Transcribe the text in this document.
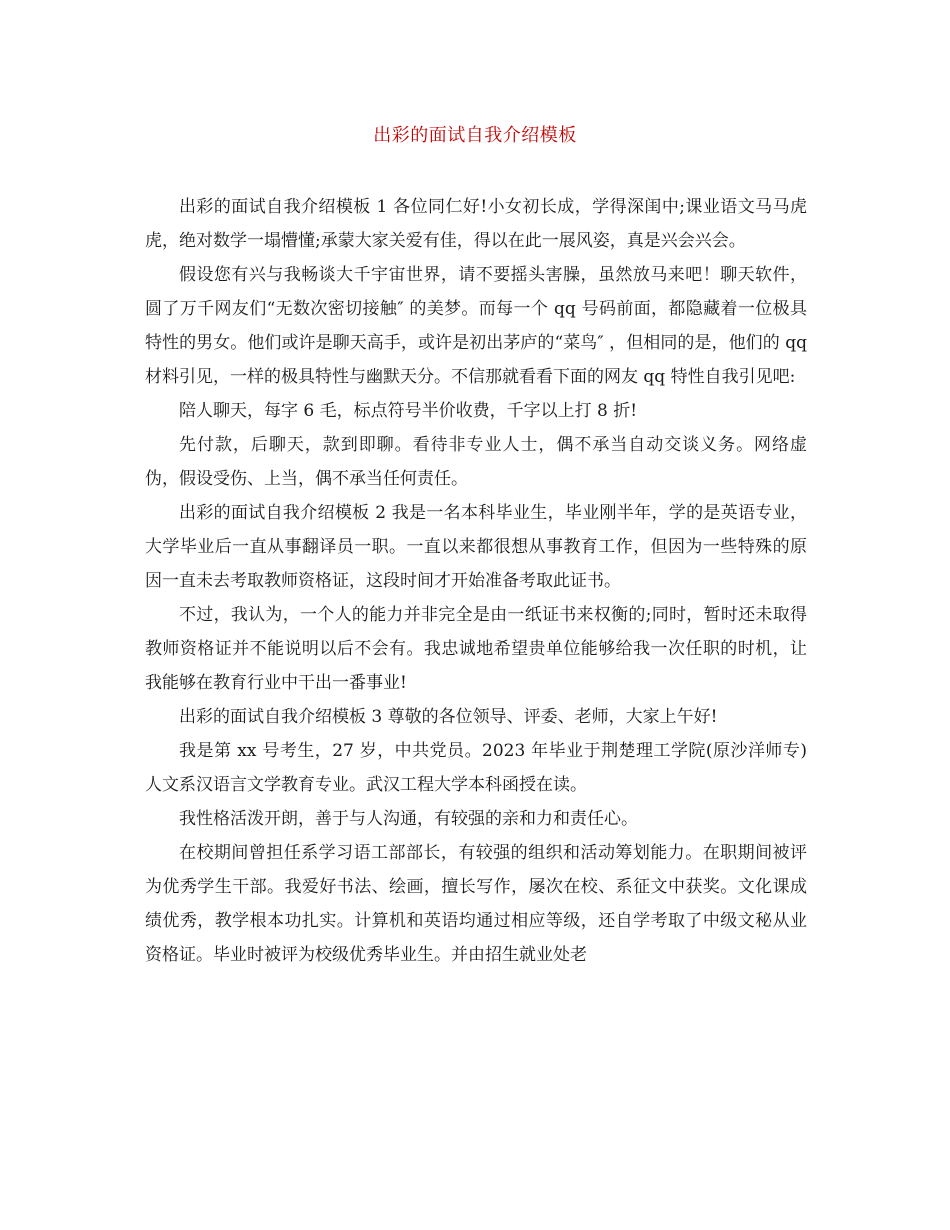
出彩的面试自我介绍模板

出彩的面试自我介绍模板 1 各位同仁好!小女初长成，学得深闺中;课业语文马马虎虎，绝对数学一塌懵懂;承蒙大家关爱有佳，得以在此一展风姿，真是兴会兴会。

假设您有兴与我畅谈大千宇宙世界，请不要摇头害臊，虽然放马来吧！聊天软件，圆了万千网友们“无数次密切接触″ 的美梦。而每一个 qq 号码前面，都隐藏着一位极具特性的男女。他们或许是聊天高手，或许是初出茅庐的“菜鸟″ ，但相同的是，他们的 qq 材料引见，一样的极具特性与幽默天分。不信那就看看下面的网友 qq 特性自我引见吧:

陪人聊天，每字 6 毛，标点符号半价收费，千字以上打 8 折!

先付款，后聊天，款到即聊。看待非专业人士，偶不承当自动交谈义务。网络虚伪，假设受伤、上当，偶不承当任何责任。

出彩的面试自我介绍模板 2 我是一名本科毕业生，毕业刚半年，学的是英语专业，大学毕业后一直从事翻译员一职。一直以来都很想从事教育工作，但因为一些特殊的原因一直未去考取教师资格证，这段时间才开始准备考取此证书。

不过，我认为，一个人的能力并非完全是由一纸证书来权衡的;同时，暂时还未取得教师资格证并不能说明以后不会有。我忠诚地希望贵单位能够给我一次任职的时机，让我能够在教育行业中干出一番事业!

出彩的面试自我介绍模板 3 尊敬的各位领导、评委、老师，大家上午好!

我是第 xx 号考生，27 岁，中共党员。2023 年毕业于荆楚理工学院(原沙洋师专)人文系汉语言文学教育专业。武汉工程大学本科函授在读。

我性格活泼开朗，善于与人沟通，有较强的亲和力和责任心。

在校期间曾担任系学习语工部部长，有较强的组织和活动筹划能力。在职期间被评为优秀学生干部。我爱好书法、绘画，擅长写作，屡次在校、系征文中获奖。文化课成绩优秀，教学根本功扎实。计算机和英语均通过相应等级，还自学考取了中级文秘从业资格证。毕业时被评为校级优秀毕业生。并由招生就业处老
